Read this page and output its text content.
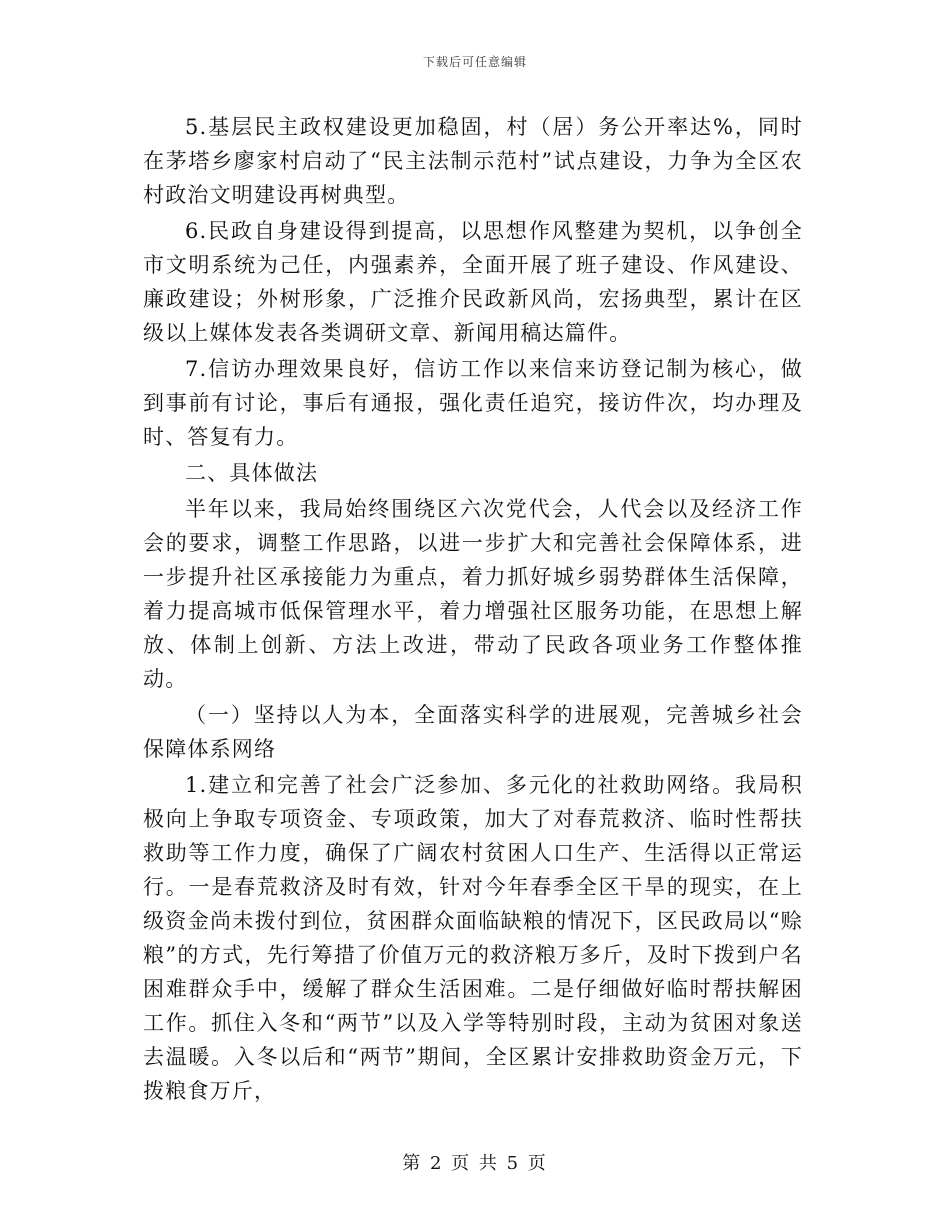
下载后可任意编辑

5.基层民主政权建设更加稳固，村（居）务公开率达%，同时在茅塔乡廖家村启动了“民主法制示范村”试点建设，力争为全区农村政治文明建设再树典型。

6.民政自身建设得到提高，以思想作风整建为契机，以争创全市文明系统为己任，内强素养，全面开展了班子建设、作风建设、廉政建设；外树形象，广泛推介民政新风尚，宏扬典型，累计在区级以上媒体发表各类调研文章、新闻用稿达篇件。

7.信访办理效果良好，信访工作以来信来访登记制为核心，做到事前有讨论，事后有通报，强化责任追究，接访件次，均办理及时、答复有力。

二、具体做法

半年以来，我局始终围绕区六次党代会，人代会以及经济工作会的要求，调整工作思路，以进一步扩大和完善社会保障体系，进一步提升社区承接能力为重点，着力抓好城乡弱势群体生活保障，着力提高城市低保管理水平，着力增强社区服务功能，在思想上解放、体制上创新、方法上改进，带动了民政各项业务工作整体推动。

（一）坚持以人为本，全面落实科学的进展观，完善城乡社会保障体系网络

1.建立和完善了社会广泛参加、多元化的社救助网络。我局积极向上争取专项资金、专项政策，加大了对春荒救济、临时性帮扶救助等工作力度，确保了广阔农村贫困人口生产、生活得以正常运行。一是春荒救济及时有效，针对今年春季全区干旱的现实，在上级资金尚未拨付到位，贫困群众面临缺粮的情况下，区民政局以“赊粮”的方式，先行筹措了价值万元的救济粮万多斤，及时下拨到户名困难群众手中，缓解了群众生活困难。二是仔细做好临时帮扶解困工作。抓住入冬和“两节”以及入学等特别时段，主动为贫困对象送去温暖。入冬以后和“两节”期间，全区累计安排救助资金万元，下拨粮食万斤，

第 2 页 共 5 页
